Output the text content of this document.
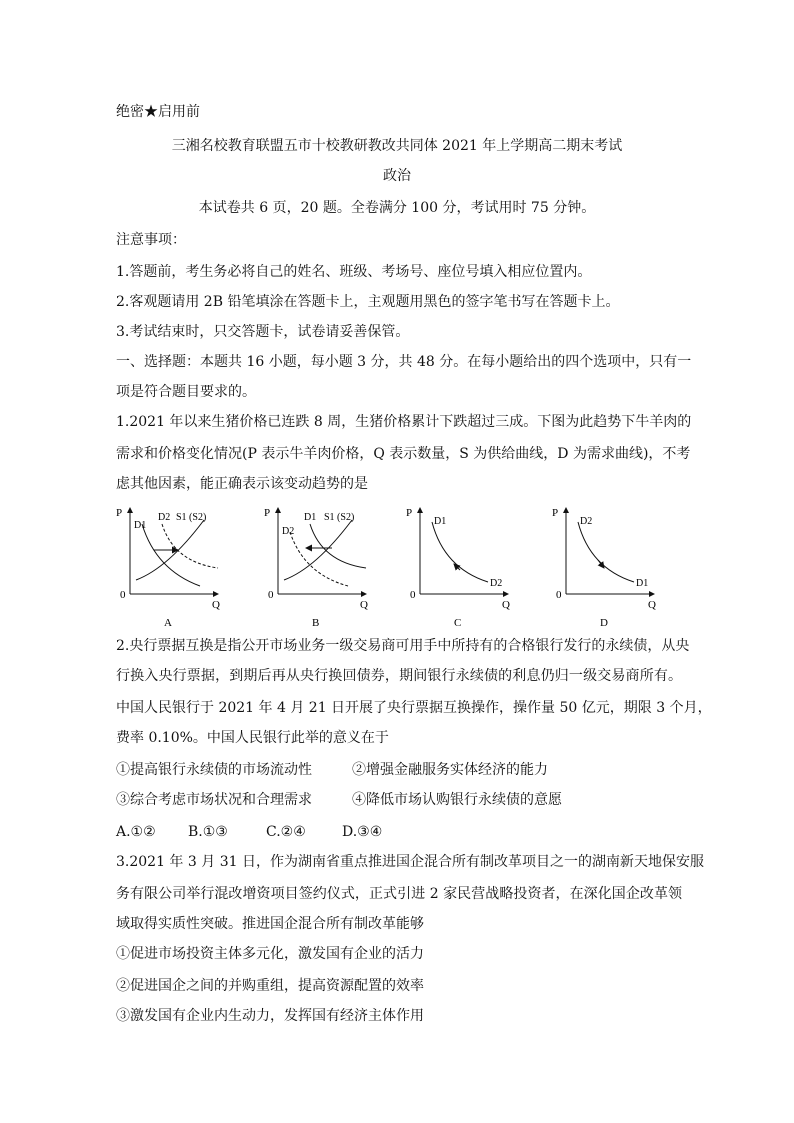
绝密★启用前
三湘名校教育联盟五市十校教研教改共同体 2021 年上学期高二期末考试
政治
本试卷共 6 页，20 题。全卷满分 100 分，考试用时 75 分钟。
注意事项：
1.答题前，考生务必将自己的姓名、班级、考场号、座位号填入相应位置内。
2.客观题请用 2B 铅笔填涂在答题卡上，主观题用黑色的签字笔书写在答题卡上。
3.考试结束时，只交答题卡，试卷请妥善保管。
一、选择题：本题共 16 小题，每小题 3 分，共 48 分。在每小题给出的四个选项中，只有一
项是符合题目要求的。
1.2021 年以来生猪价格已连跌 8 周，生猪价格累计下跌超过三成。下图为此趋势下牛羊肉的
需求和价格变化情况(P 表示牛羊肉价格，Q 表示数量，S 为供给曲线，D 为需求曲线)，不考
虑其他因素，能正确表示该变动趋势的是
P
Q
0
D1
D2 S1 (S2)
A
P
Q
0
D1
D2
S1 (S2)
B
P
Q
0
D1
D2
C
P
Q
0
D1
D2
D
2.央行票据互换是指公开市场业务一级交易商可用手中所持有的合格银行发行的永续债，从央
行换入央行票据，到期后再从央行换回债券，期间银行永续债的利息仍归一级交易商所有。
中国人民银行于 2021 年 4 月 21 日开展了央行票据互换操作，操作量 50 亿元，期限 3 个月，
费率 0.10%。中国人民银行此举的意义在于
①提高银行永续债的市场流动性	②增强金融服务实体经济的能力
③综合考虑市场状况和合理需求	④降低市场认购银行永续债的意愿
A.①② B.①③	C.②④	D.③④
3.2021 年 3 月 31 日，作为湖南省重点推进国企混合所有制改革项目之一的湖南新天地保安服
务有限公司举行混改增资项目签约仪式，正式引进 2 家民营战略投资者，在深化国企改革领
域取得实质性突破。推进国企混合所有制改革能够
①促进市场投资主体多元化，激发国有企业的活力
②促进国企之间的并购重组，提高资源配置的效率
③激发国有企业内生动力，发挥国有经济主体作用
